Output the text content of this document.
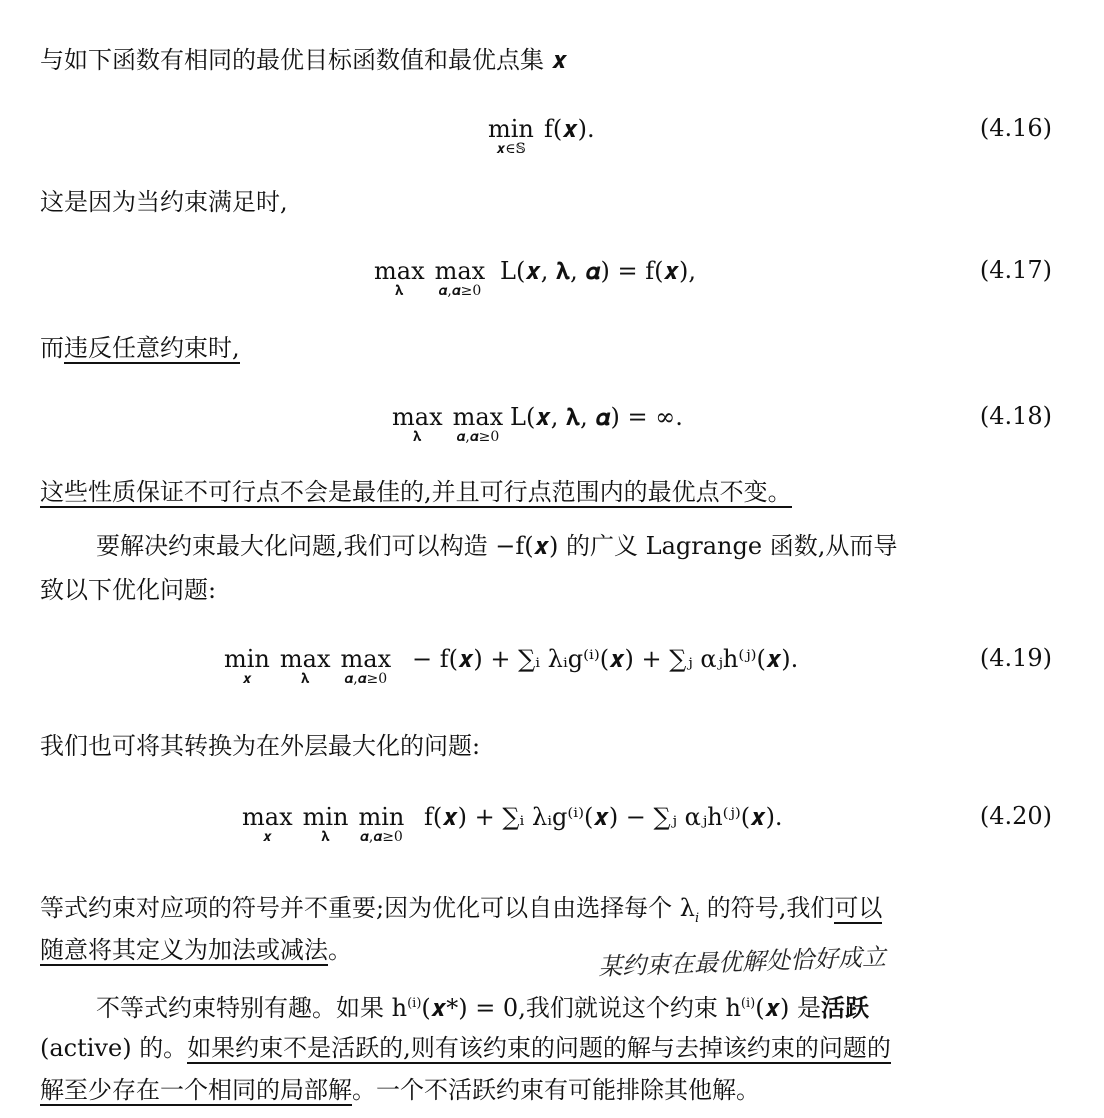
与如下函数有相同的最优目标函数值和最优点集 𝒙
min
𝒙∈𝕊
f(𝒙).	(4.16)
这是因为当约束满足时,
max
𝛌
max
𝜶,𝜶≥0
L(𝒙, 𝛌, 𝜶) = f(𝒙),	(4.17)
而违反任意约束时,
max
𝛌
max
𝜶,𝜶≥0
L(𝒙, 𝛌, 𝜶) = ∞.	(4.18)
这些性质保证不可行点不会是最佳的,并且可行点范围内的最优点不变。
要解决约束最大化问题,我们可以构造 −f(𝒙) 的广义 Lagrange 函数,从而导
致以下优化问题:
min
𝒙
max
𝛌
max
𝜶,𝜶≥0
− f(𝒙) + ∑ᵢ λᵢg⁽ⁱ⁾(𝒙) + ∑ⱼ αⱼh⁽ʲ⁾(𝒙).	(4.19)
我们也可将其转换为在外层最大化的问题:
max
𝒙
min
𝛌
min
𝜶,𝜶≥0
f(𝒙) + ∑ᵢ λᵢg⁽ⁱ⁾(𝒙) − ∑ⱼ αⱼh⁽ʲ⁾(𝒙).	(4.20)
等式约束对应项的符号并不重要;因为优化可以自由选择每个 $\lambda_i$ 的符号,我们可以
随意将其定义为加法或减法。	某约束在最优解处恰好成立
不等式约束特别有趣。如果 $h^{(i)}(𝒙*) = 0$,我们就说这个约束 $h^{(i)}(𝒙)$ 是活跃
(active) 的。如果约束不是活跃的,则有该约束的问题的解与去掉该约束的问题的
解至少存在一个相同的局部解。一个不活跃约束有可能排除其他解。
